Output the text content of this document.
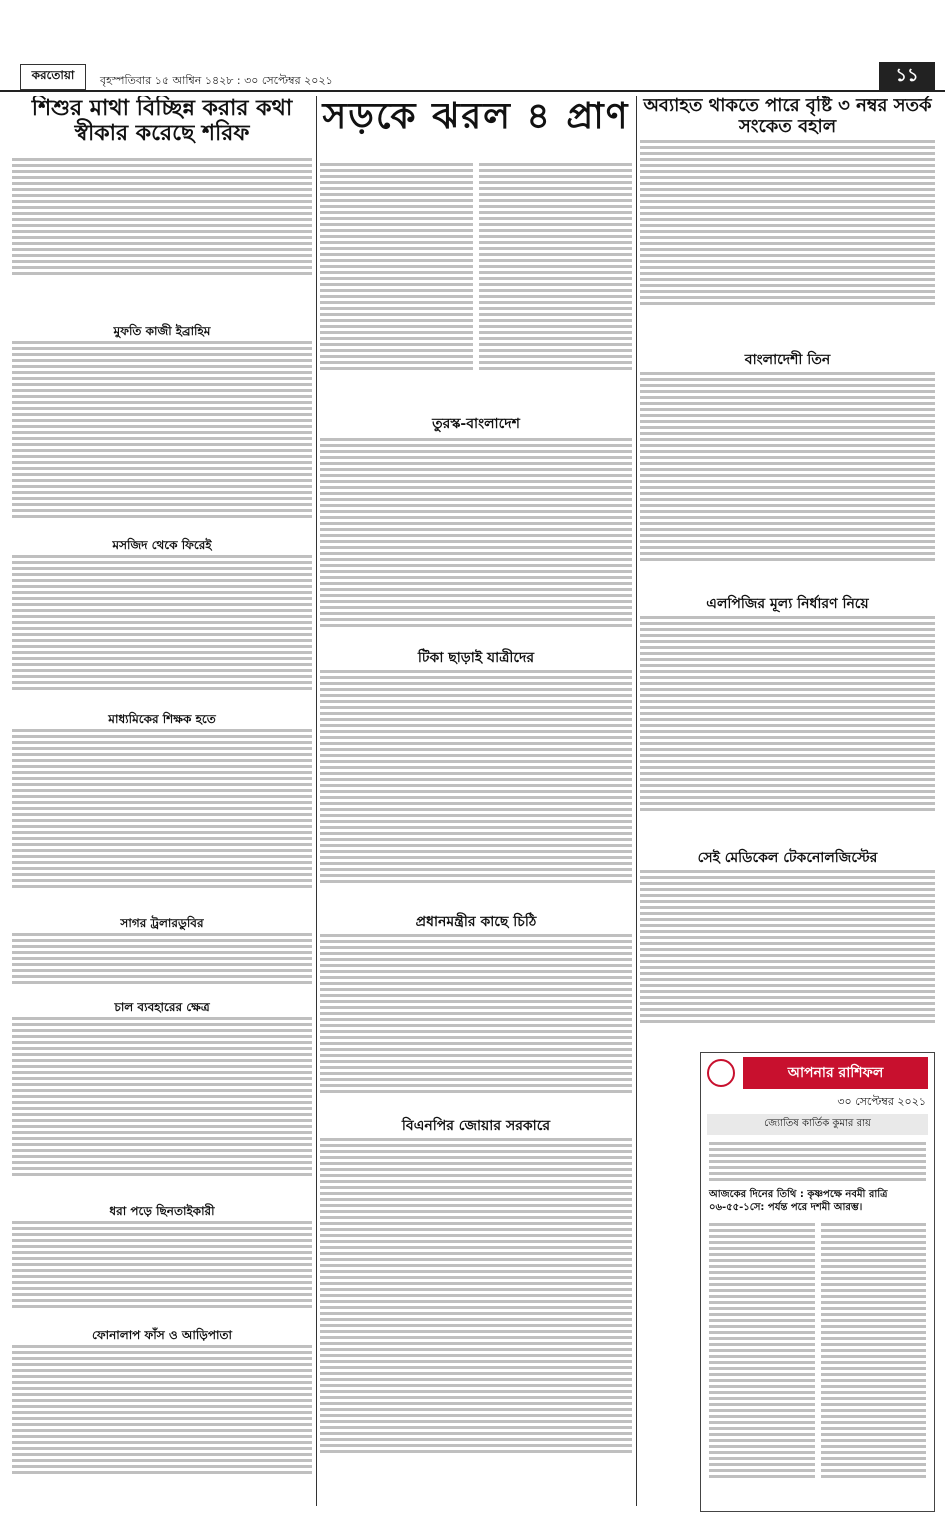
করতোয়া	বৃহস্পতিবার ১৫ আশ্বিন ১৪২৮ : ৩০ সেপ্টেম্বর ২০২১	১১
শিশুর মাথা বিচ্ছিন্ন করার কথা স্বীকার করেছে শরিফ
মুফতি কাজী ইব্রাহিম
মসজিদ থেকে ফিরেই
মাধ্যমিকের শিক্ষক হতে
সাগর ট্রলারডুবির
চাল ব্যবহারের ক্ষেত্র
ধরা পড়ে ছিনতাইকারী
ফোনালাপ ফাঁস ও আড়িপাতা
সড়কে ঝরল ৪ প্রাণ
তুরস্ক-বাংলাদেশ
টিকা ছাড়াই যাত্রীদের
প্রধানমন্ত্রীর কাছে চিঠি
বিএনপির জোয়ার সরকারে
অব্যাহত থাকতে পারে বৃষ্টি ৩ নম্বর সতর্ক সংকেত বহাল
বাংলাদেশী তিন
এলপিজির মূল্য নির্ধারণ নিয়ে
সেই মেডিকেল টেকনোলজিস্টের
আপনার রাশিফল
৩০ সেপ্টেম্বর ২০২১
জ্যোতিষ কার্তিক কুমার রায়
আজকের দিনের তিথি : কৃষ্ণপক্ষে নবমী রাত্রি ০৬-৫৫-১সে: পর্যন্ত পরে দশমী আরম্ভ।
